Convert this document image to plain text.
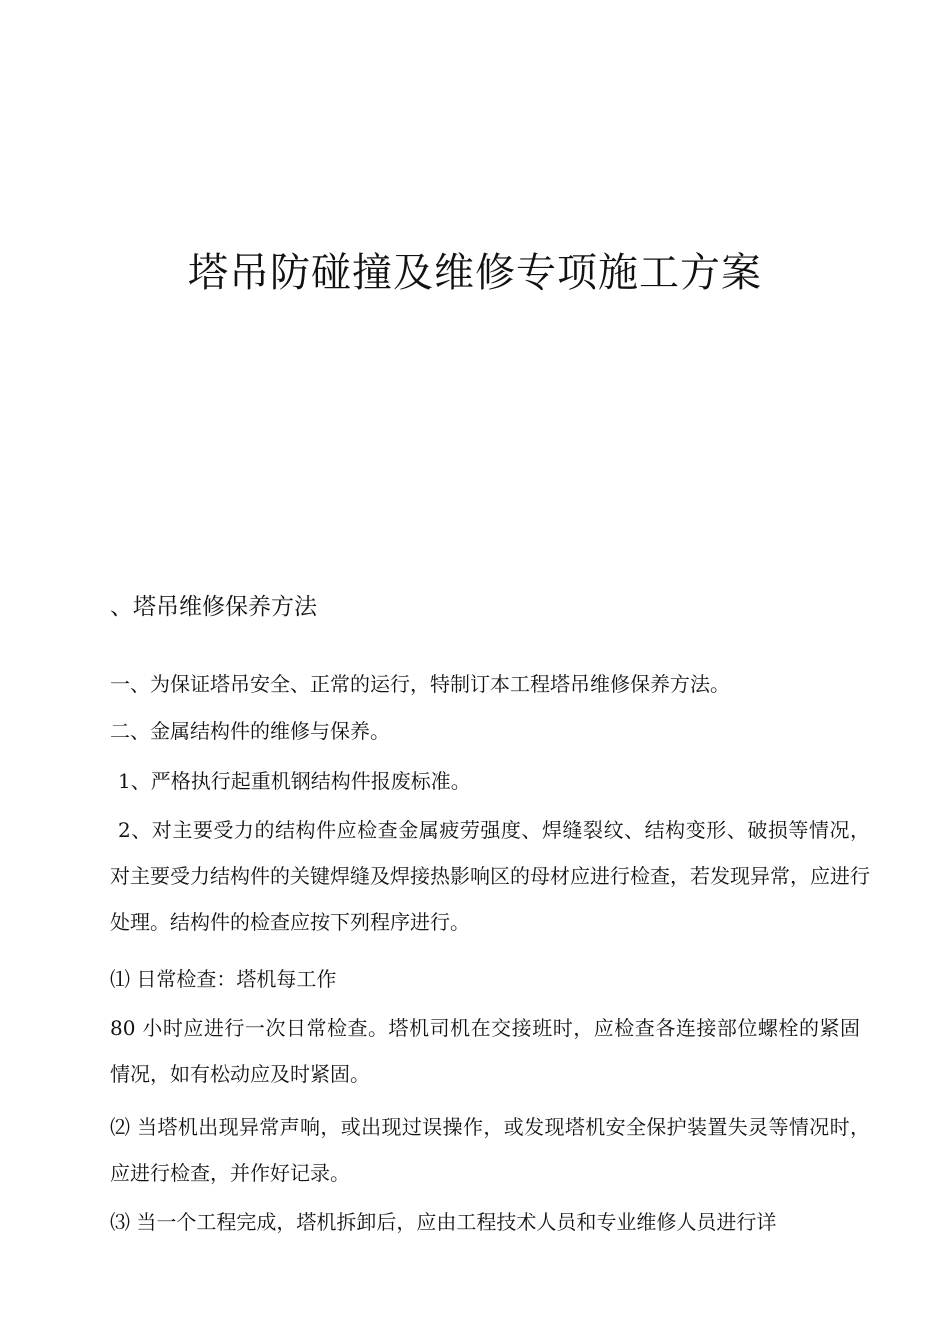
塔吊防碰撞及维修专项施工方案
、塔吊维修保养方法
一、为保证塔吊安全、正常的运行，特制订本工程塔吊维修保养方法。
二、金属结构件的维修与保养。
1、严格执行起重机钢结构件报废标准。
2、对主要受力的结构件应检查金属疲劳强度、焊缝裂纹、结构变形、破损等情况，对主要受力结构件的关键焊缝及焊接热影响区的母材应进行检查，若发现异常，应进行处理。结构件的检查应按下列程序进行。
⑴ 日常检查：塔机每工作
80 小时应进行一次日常检查。塔机司机在交接班时，应检查各连接部位螺栓的紧固情况，如有松动应及时紧固。
⑵ 当塔机出现异常声响，或出现过误操作，或发现塔机安全保护装置失灵等情况时，应进行检查，并作好记录。
⑶ 当一个工程完成，塔机拆卸后，应由工程技术人员和专业维修人员进行详
